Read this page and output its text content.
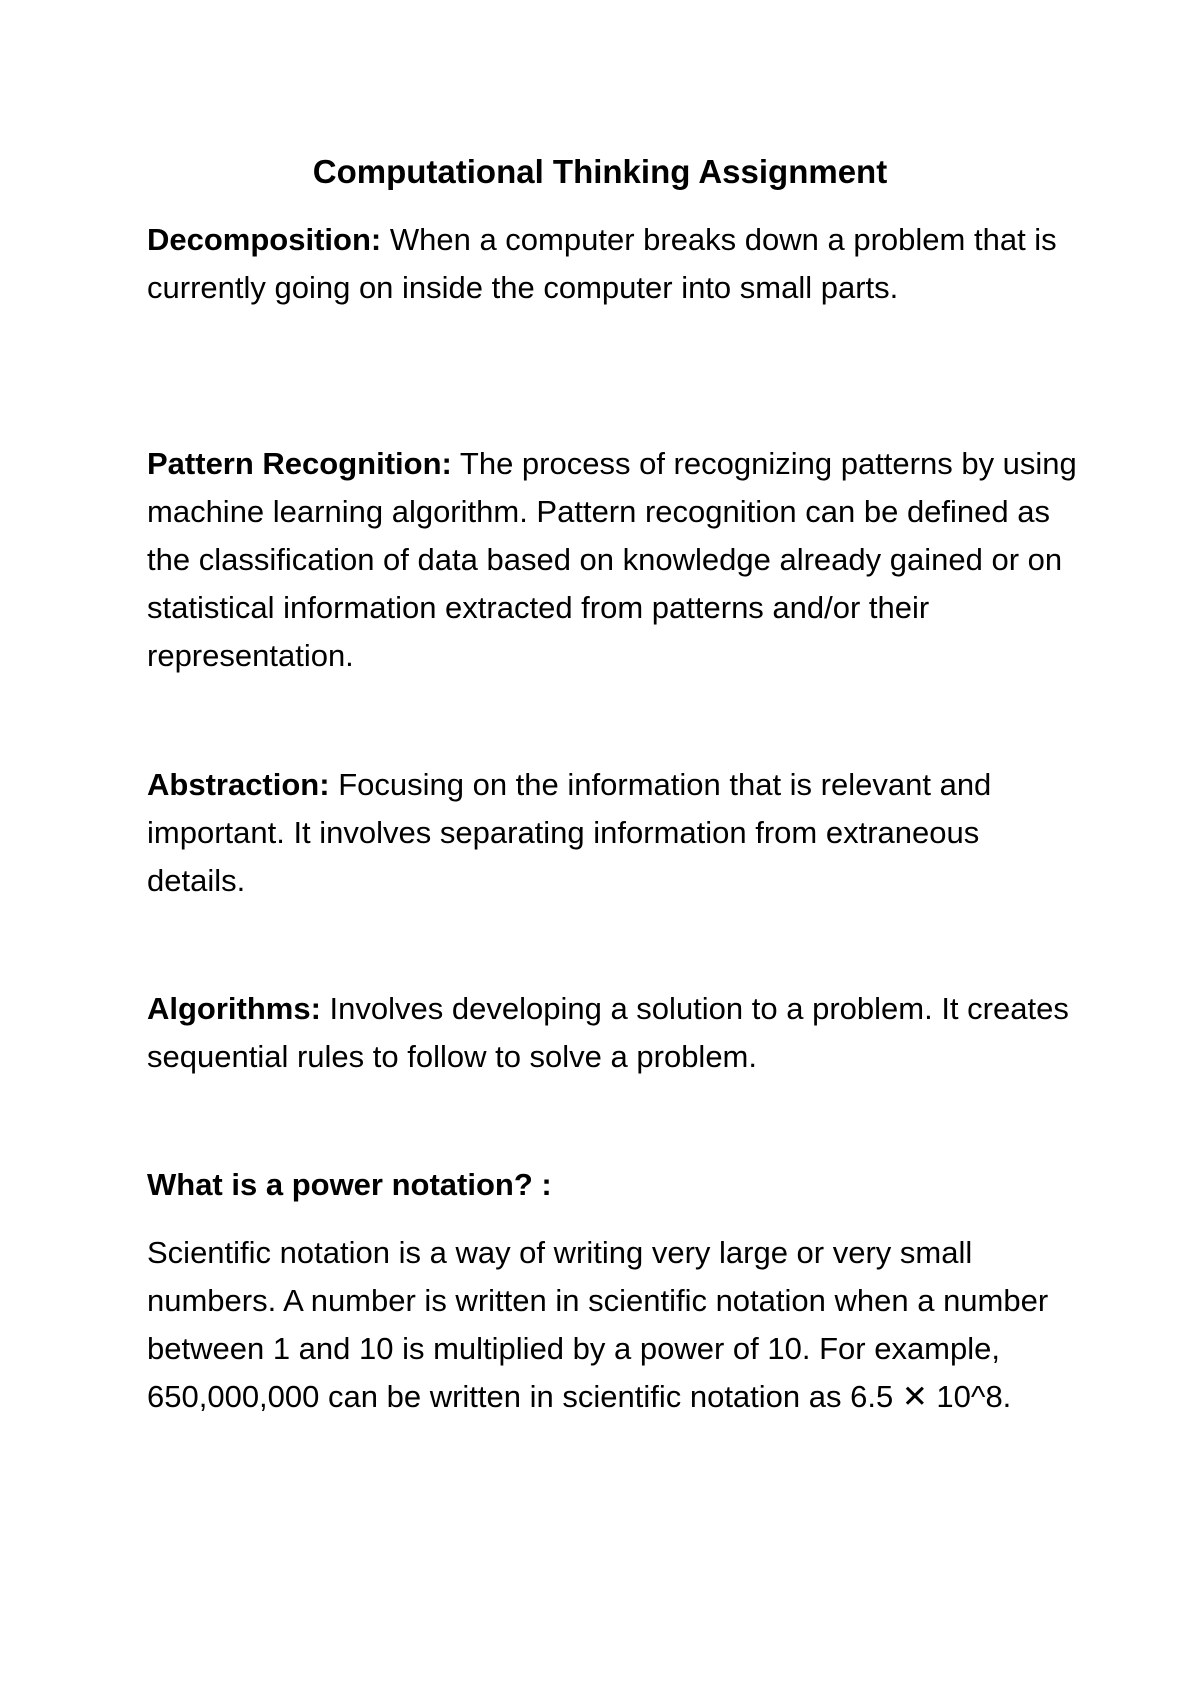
Computational Thinking Assignment

Decomposition: When a computer breaks down a problem that is currently going on inside the computer into small parts.

Pattern Recognition: The process of recognizing patterns by using machine learning algorithm. Pattern recognition can be defined as the classification of data based on knowledge already gained or on statistical information extracted from patterns and/or their representation.

Abstraction: Focusing on the information that is relevant and important. It involves separating information from extraneous details.

Algorithms: Involves developing a solution to a problem. It creates sequential rules to follow to solve a problem.

What is a power notation? :

Scientific notation is a way of writing very large or very small numbers. A number is written in scientific notation when a number between 1 and 10 is multiplied by a power of 10. For example, 650,000,000 can be written in scientific notation as 6.5 ✕ 10^8.
